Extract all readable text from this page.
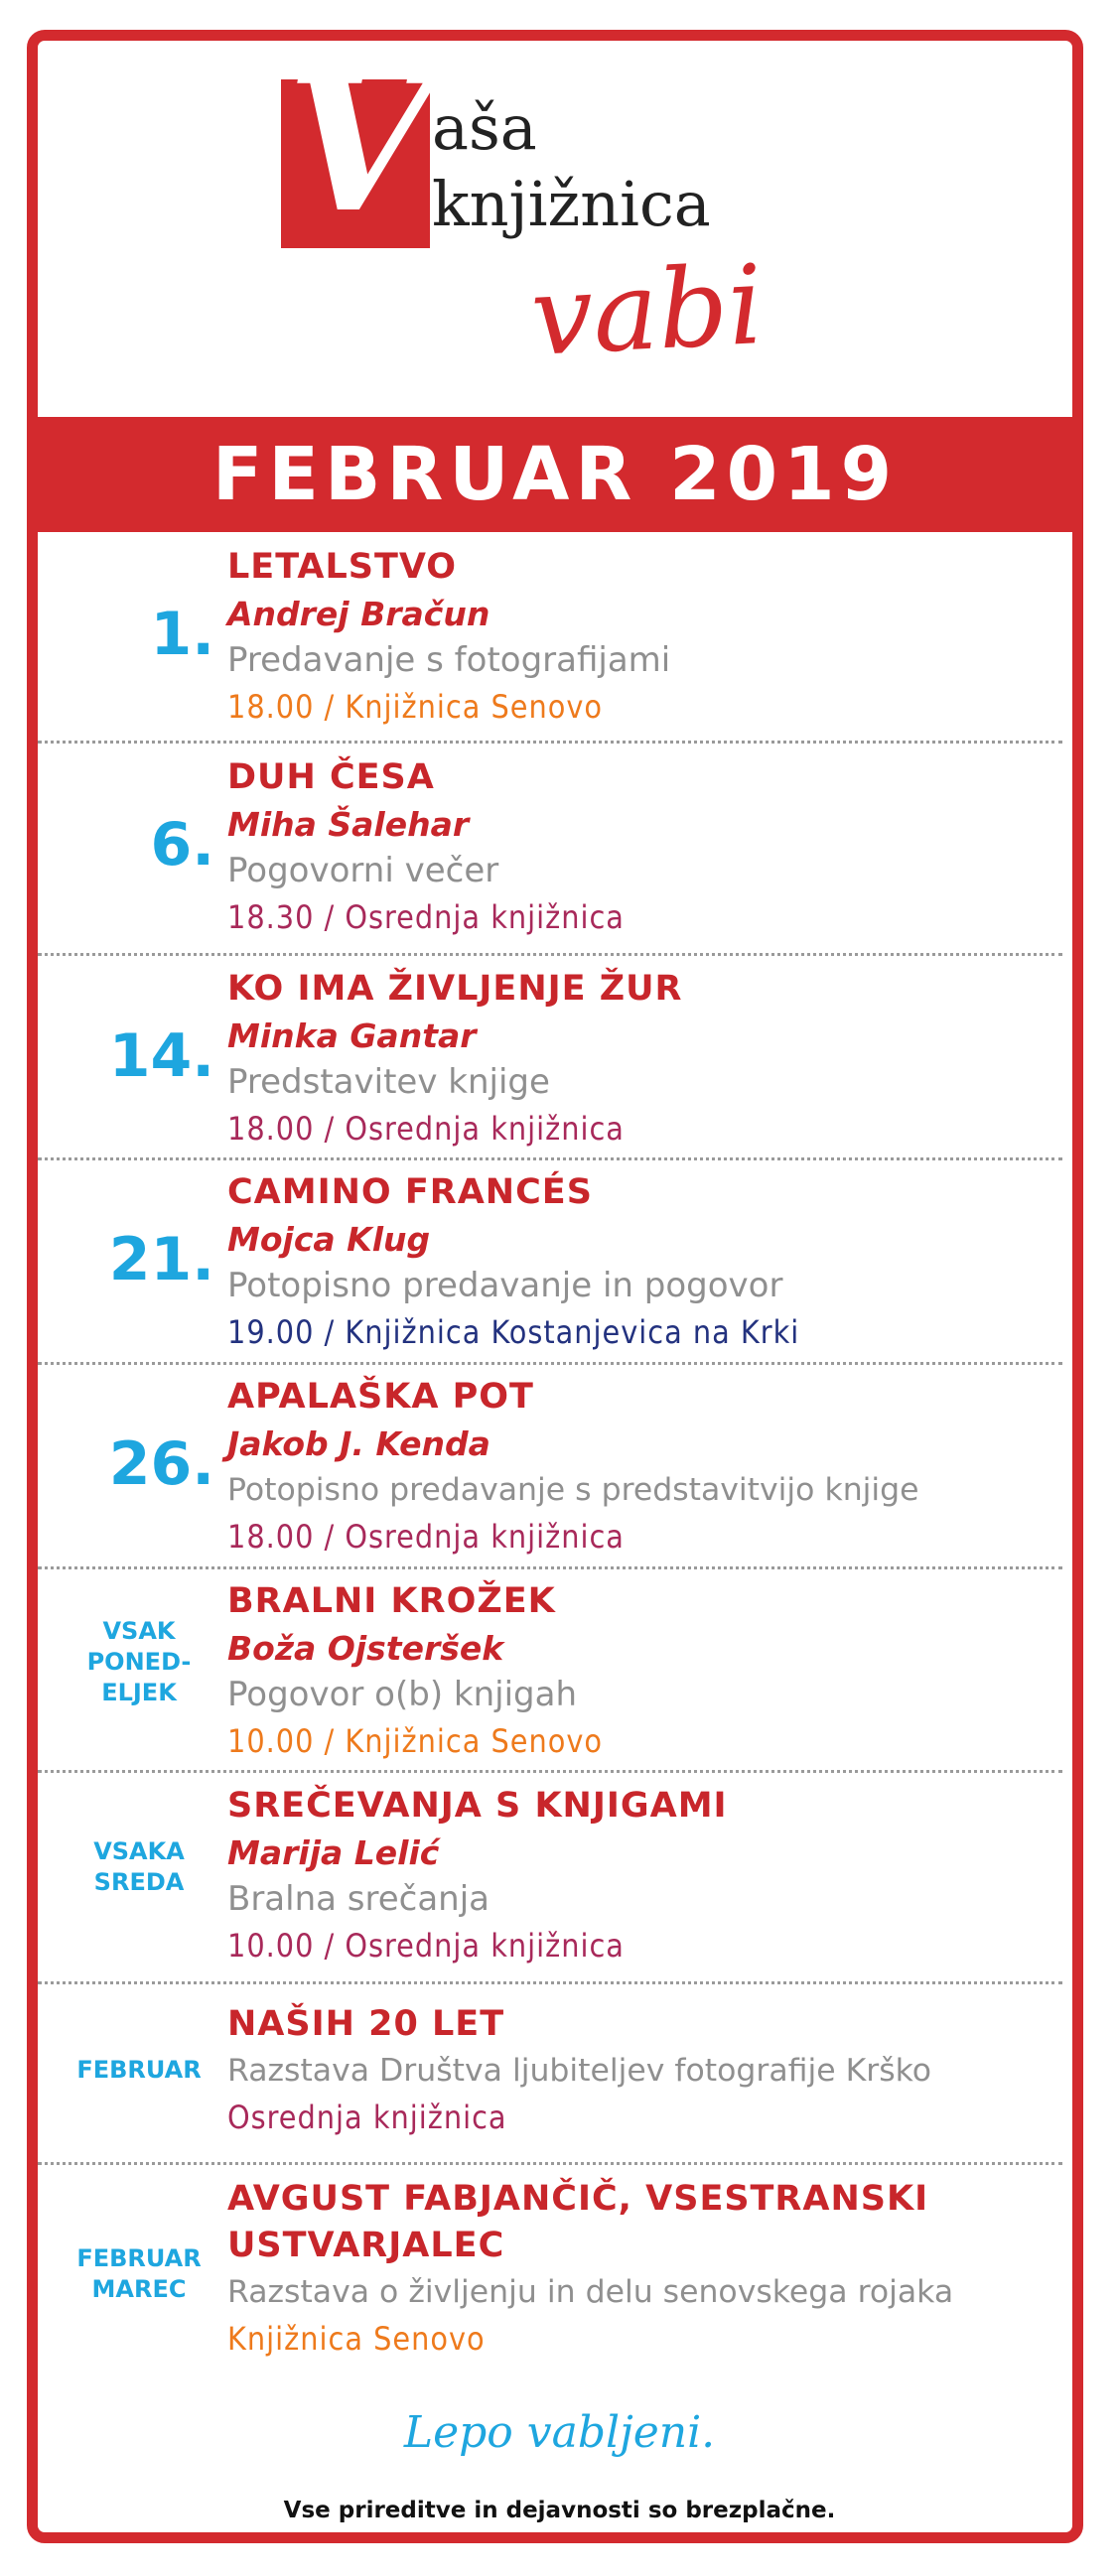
V
aša
knjižnica
vabi
FEBRUAR 2019
1.
LETALSTVO
Andrej Bračun
Predavanje s fotografijami
18.00 / Knjižnica Senovo
6.
DUH ČESA
Miha Šalehar
Pogovorni večer
18.30 / Osrednja knjižnica
14.
KO IMA ŽIVLJENJE ŽUR
Minka Gantar
Predstavitev knjige
18.00 / Osrednja knjižnica
21.
CAMINO FRANCÉS
Mojca Klug
Potopisno predavanje in pogovor
19.00 / Knjižnica Kostanjevica na Krki
26.
APALAŠKA POT
Jakob J. Kenda
Potopisno predavanje s predstavitvijo knjige
18.00 / Osrednja knjižnica
VSAK
PONED-
ELJEK
BRALNI KROŽEK
Boža Ojsteršek
Pogovor o(b) knjigah
10.00 / Knjižnica Senovo
VSAKA
SREDA
SREČEVANJA S KNJIGAMI
Marija Lelić
Bralna srečanja
10.00 / Osrednja knjižnica
FEBRUAR
NAŠIH 20 LET
Razstava Društva ljubiteljev fotografije Krško
Osrednja knjižnica
FEBRUAR
MAREC
AVGUST FABJANČIČ, VSESTRANSKI
USTVARJALEC
Razstava o življenju in delu senovskega rojaka
Knjižnica Senovo
Lepo vabljeni.
Vse prireditve in dejavnosti so brezplačne.
